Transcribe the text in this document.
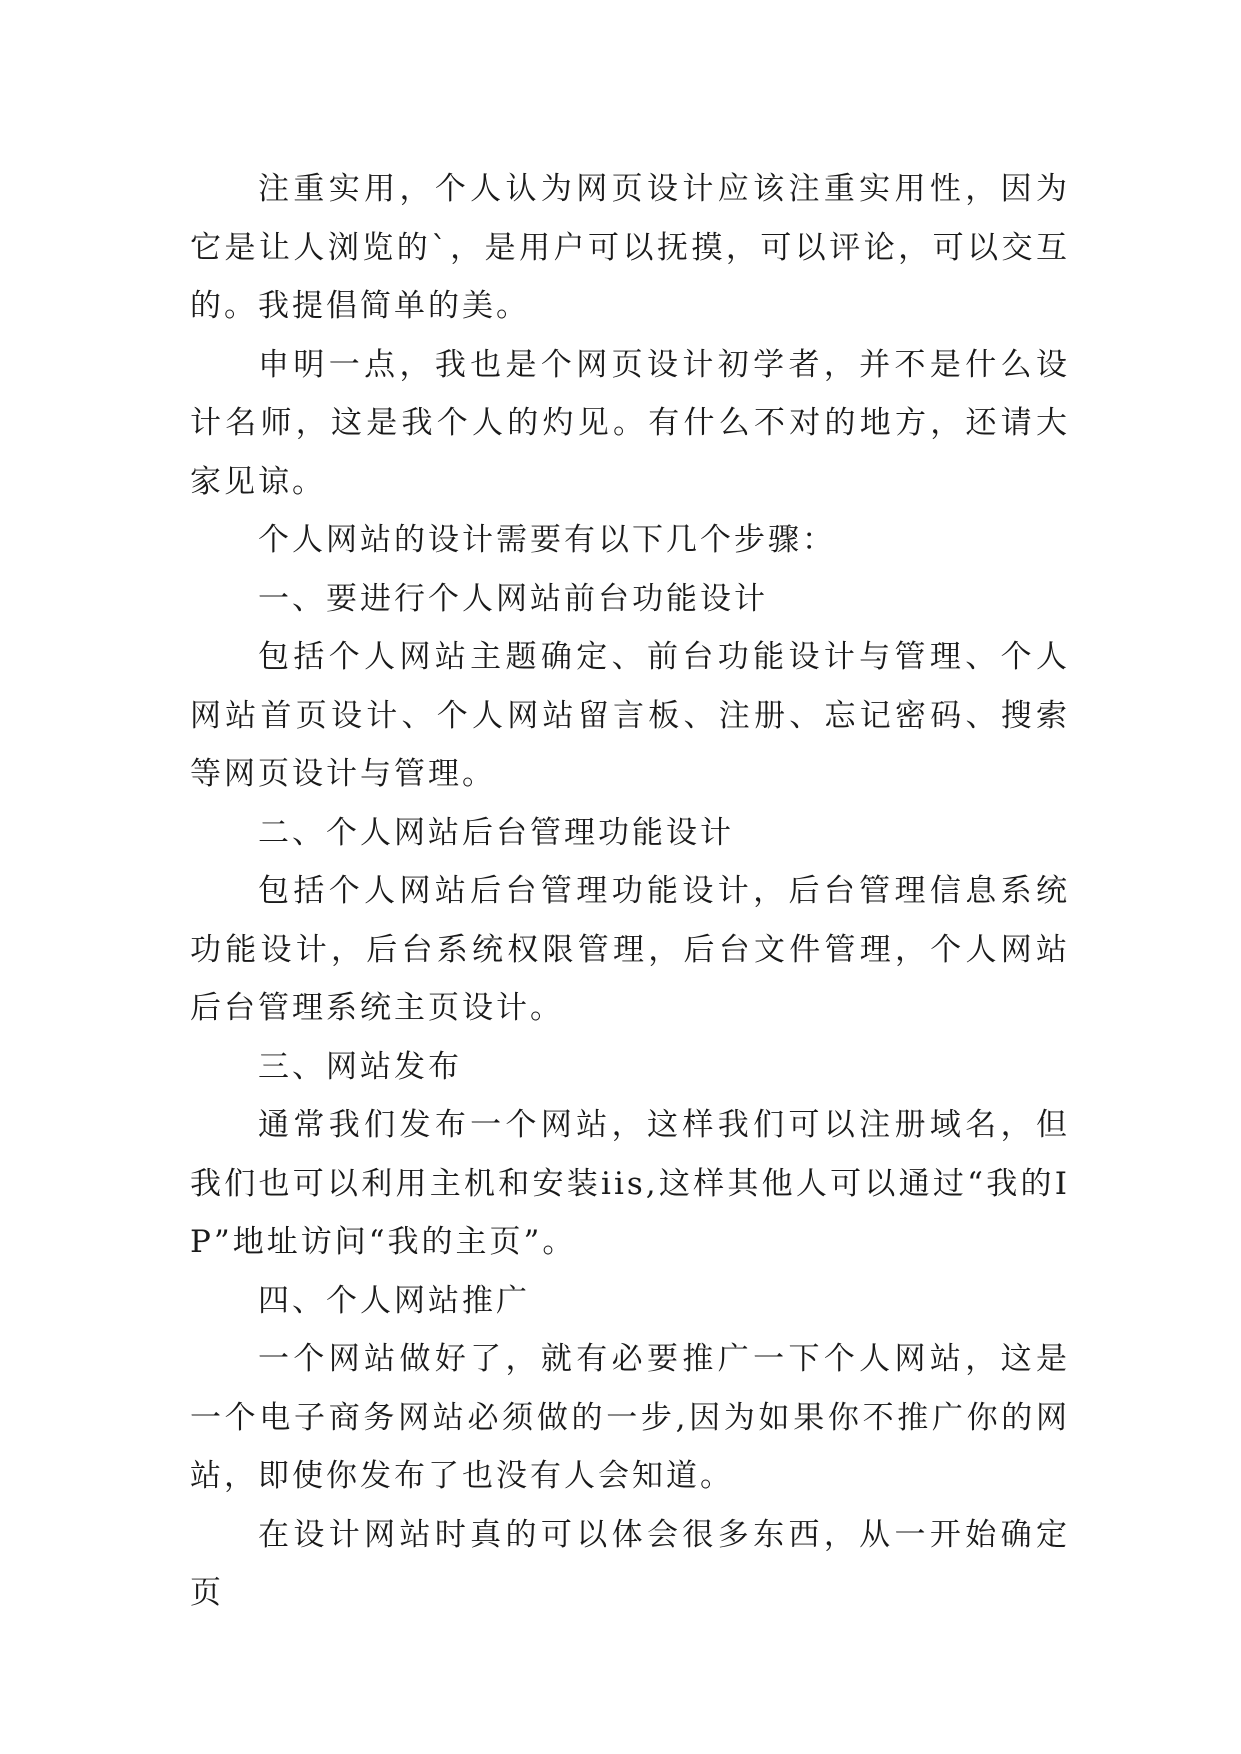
注重实用，个人认为网页设计应该注重实用性，因为它是让人浏览的`，是用户可以抚摸，可以评论，可以交互的。我提倡简单的美。

申明一点，我也是个网页设计初学者，并不是什么设计名师，这是我个人的灼见。有什么不对的地方，还请大家见谅。

个人网站的设计需要有以下几个步骤：

一、要进行个人网站前台功能设计

包括个人网站主题确定、前台功能设计与管理、个人网站首页设计、个人网站留言板、注册、忘记密码、搜索等网页设计与管理。

二、个人网站后台管理功能设计

包括个人网站后台管理功能设计，后台管理信息系统功能设计，后台系统权限管理，后台文件管理，个人网站后台管理系统主页设计。

三、网站发布

通常我们发布一个网站，这样我们可以注册域名，但我们也可以利用主机和安装iis,这样其他人可以通过“我的IP”地址访问“我的主页”。

四、个人网站推广

一个网站做好了，就有必要推广一下个人网站，这是一个电子商务网站必须做的一步,因为如果你不推广你的网站，即使你发布了也没有人会知道。

在设计网站时真的可以体会很多东西，从一开始确定页
